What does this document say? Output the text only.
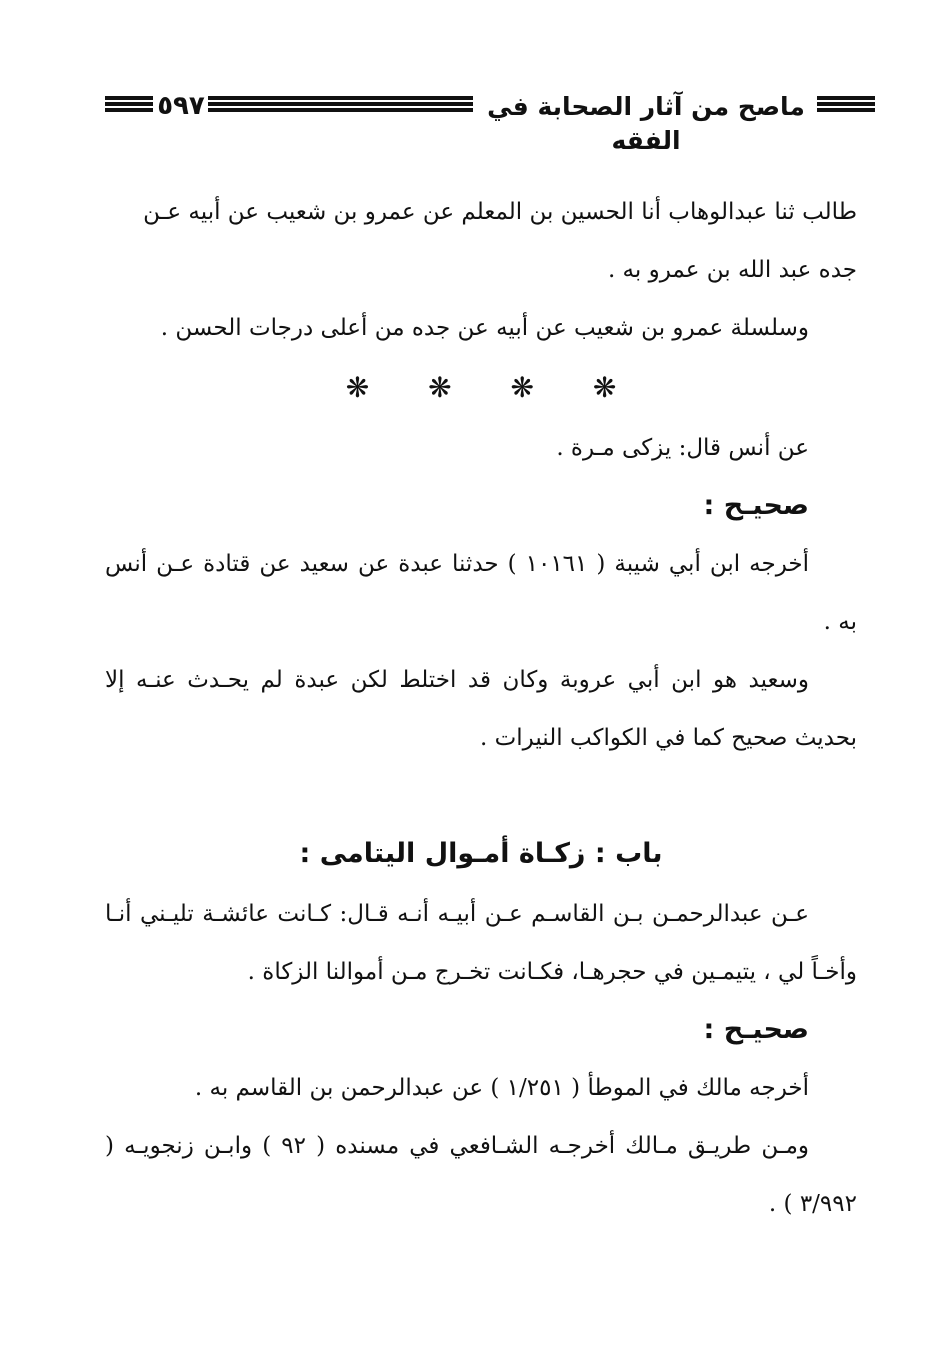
٥٩٧	ماصح من آثار الصحابة في الفقه

طالب ثنا عبدالوهاب أنا الحسين بن المعلم عن عمرو بن شعيب عن أبيه عـن

جده عبد الله بن عمرو به .

وسلسلة عمرو بن شعيب عن أبيه عن جده من أعلى درجات الحسن .

❋ ❋ ❋ ❋

عن أنس قال: يزكى مـرة .

صحيـح :

أخرجه ابن أبي شيبة ( ١٠١٦١ ) حدثنا عبدة عن سعيد عن قتادة عـن أنس به .

وسعيد هو ابن أبي عروبة وكان قد اختلط لكن عبدة لم يحـدث عنـه إلا بحديث صحيح كما في الكواكب النيرات .

باب : زكـاة أمـوال اليتامى :

عـن عبدالرحمـن بـن القاسـم عـن أبيـه أنـه قـال: كـانت عائشـة تليـني أنـا وأخـاً لي ، يتيمـين في حجرهـا، فكـانت تخـرج مـن أموالنا الزكاة .

صحيـح :

أخرجه مالك في الموطأ ( ١/٢٥١ ) عن عبدالرحمن بن القاسم به .

ومـن طريـق مـالك أخرجـه الشـافعي في مسنده ( ٩٢ ) وابـن زنجويـه ( ٣/٩٩٢ ) .
